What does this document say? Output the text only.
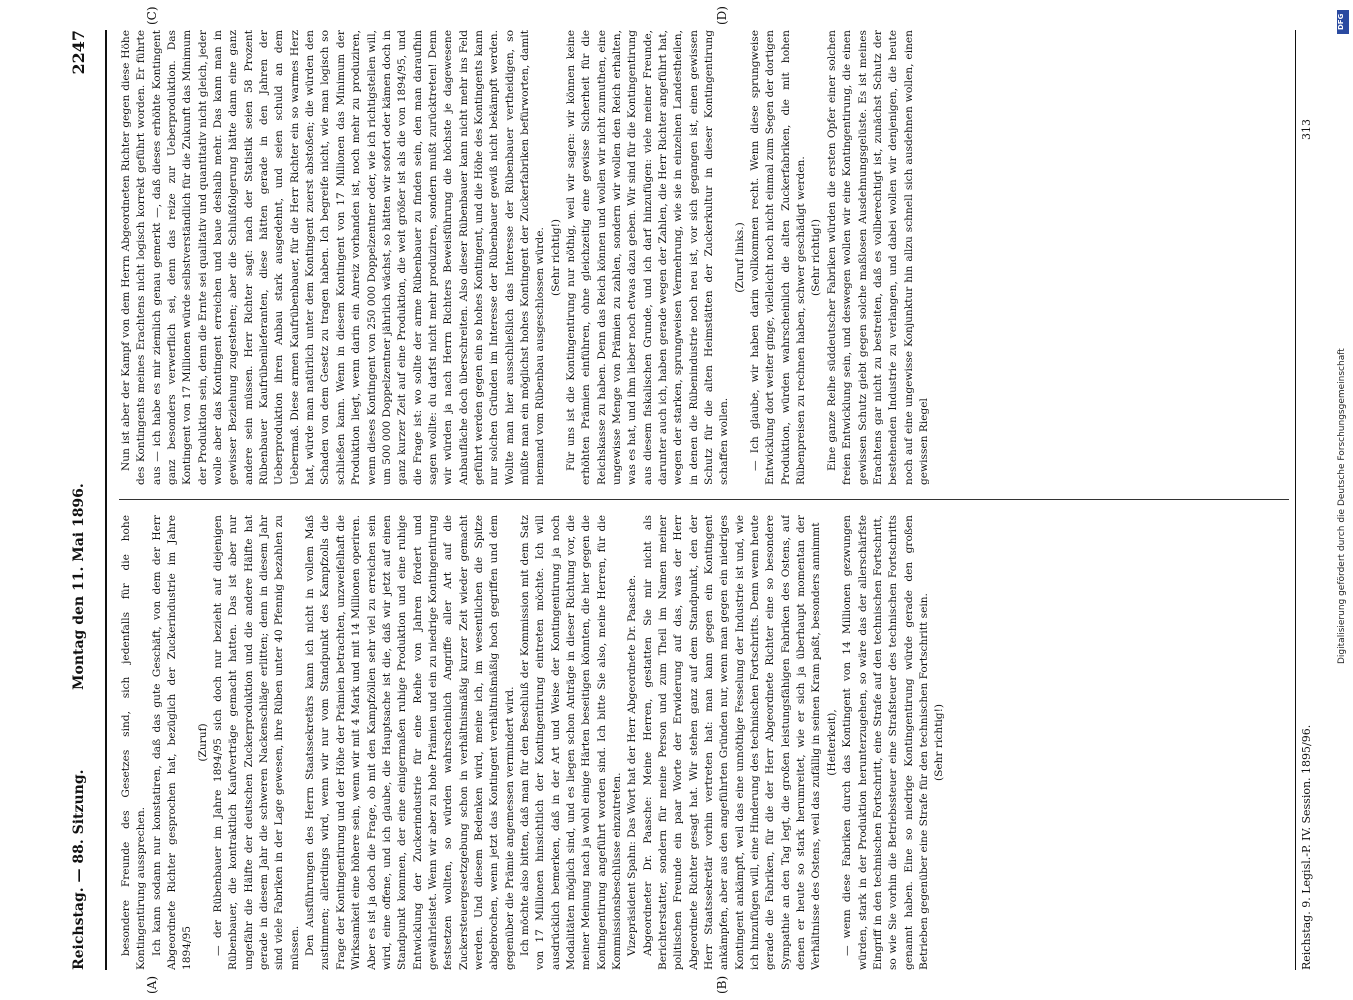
Reichstag. — 88. Sitzung.
Montag den 11. Mai 1896.
2247
(A)	(B)
(C)	(D)

besondere Freunde des Gesetzes sind, sich jedenfalls für die hohe Kontingentirung aussprechen. Ich kann sodann nur konstatiren, daß das gute Geschäft, von dem der Herr Abgeordnete Richter gesprochen hat, bezüglich der Zuckerindustrie im Jahre 1894/95

(Zuruf) — der Rübenbauer im Jahre 1894/95 sich doch nur bezieht auf diejenigen Rübenbauer, die kontraktlich Kaufverträge gemacht hatten. Das ist aber nur ungefähr die Hälfte der deutschen Zuckerproduktion und die andere Hälfte hat gerade in diesem Jahr die schweren Nackenschläge erlitten; denn in diesem Jahr sind viele Fabriken in der Lage gewesen, ihre Rüben unter 40 Pfennig bezahlen zu müssen. Den Ausführungen des Herrn Staatssekretärs kann ich nicht in vollem Maß zustimmen; allerdings wird, wenn wir nur vom Standpunkt des Kampfzolls die Frage der Kontingentirung und der Höhe der Prämien betrachten, unzweifelhaft die Wirksamkeit eine höhere sein, wenn wir mit 4 Mark und mit 14 Millionen operiren. Aber es ist ja doch die Frage, ob mit den Kampfzöllen sehr viel zu erreichen sein wird, eine offene, und ich glaube, die Hauptsache ist die, daß wir jetzt auf einen Standpunkt kommen, der eine einigermaßen ruhige Produktion und eine ruhige Entwicklung der Zuckerindustrie für eine Reihe von Jahren fördert und gewährleistet. Wenn wir aber zu hohe Prämien und ein zu niedrige Kontingentirung festsetzen wollten, so würden wahrscheinlich Angriffe aller Art auf die Zuckersteuergesetzgebung schon in verhältnismäßig kurzer Zeit wieder gemacht werden. Und diesem Bedenken wird, meine ich, im wesentlichen die Spitze abgebrochen, wenn jetzt das Kontingent verhältnißmäßig hoch gegriffen und dem gegenüber die Prämie angemessen vermindert wird. Ich möchte also bitten, daß man für den Beschluß der Kommission mit dem Satz von 17 Millionen hinsichtlich der Kontingentirung eintreten möchte. Ich will ausdrücklich bemerken, daß in der Art und Weise der Kontingentirung ja noch Modalitäten möglich sind, und es liegen schon Anträge in dieser Richtung vor, die meiner Meinung nach ja wohl einige Härten beseitigen könnten, die hier gegen die Kontingentirung angeführt worden sind. Ich bitte Sie also, meine Herren, für die Kommissionsbeschlüsse einzutreten. Vizepräsident Spahn: Das Wort hat der Herr Abgeordnete Dr. Paasche. Abgeordneter Dr. Paasche: Meine Herren, gestatten Sie mir nicht als Berichterstatter, sondern für meine Person und zum Theil im Namen meiner politischen Freunde ein paar Worte der Erwiderung auf das, was der Herr Abgeordnete Richter gesagt hat. Wir stehen ganz auf dem Standpunkt, den der Herr Staatssekretär vorhin vertreten hat: man kann gegen ein Kontingent ankämpfen, aber aus den angeführten Gründen nur, wenn man gegen ein niedriges Kontingent ankämpft, weil das eine unnöthige Fesselung der Industrie ist und, wie ich hinzufügen will, eine Hinderung des technischen Fortschritts. Denn wenn heute gerade die Fabriken, für die der Herr Abgeordnete Richter eine so besondere Sympathie an den Tag legt, die großen leistungsfähigen Fabriken des Ostens, auf denen er heute so stark herumreitet, wie er sich ja überhaupt momentan der Verhältnisse des Ostens, weil das zufällig in seinen Kram paßt, besonders annimmt (Heiterkeit), — wenn diese Fabriken durch das Kontingent von 14 Millionen gezwungen würden, stark in der Produktion herunterzugehen, so wäre das der allerschärfste Eingriff in den technischen Fortschritt, eine Strafe auf den technischen Fortschritt, so wie Sie vorhin die Betriebssteuer eine Strafsteuer des technischen Fortschritts genannt haben. Eine so niedrige Kontingentirung würde gerade den großen Betrieben gegenüber eine Strafe für den technischen Fortschritt sein. (Sehr richtig!)

Nun ist aber der Kampf von dem Herrn Abgeordneten Richter gegen diese Höhe des Kontingents meines Erachtens nicht logisch korrekt geführt worden. Er führte aus — ich habe es mir ziemlich genau gemerkt —, daß dieses erhöhte Kontingent ganz besonders verwerflich sei, denn das reize zur Ueberproduktion. Das Kontingent von 17 Millionen würde selbstverständlich für die Zukunft das Minimum der Produktion sein, denn die Ernte sei qualitativ und quantitativ nicht gleich, jeder wolle aber das Kontingent erreichen und baue deshalb mehr. Das kann man in gewisser Beziehung zugestehen; aber die Schlußfolgerung hätte dann eine ganz andere sein müssen. Herr Richter sagt: nach der Statistik seien 58 Prozent Rübenbauer Kaufrübenlieferanten, diese hätten gerade in den Jahren der Ueberproduktion ihren Anbau stark ausgedehnt, und seien schuld an dem Uebermaß. Diese armen Kaufrübenbauer, für die Herr Richter ein so warmes Herz hat, würde man natürlich unter dem Kontingent zuerst abstoßen; die würden den Schaden von dem Gesetz zu tragen haben. Ich begreife nicht, wie man logisch so schließen kann. Wenn in diesem Kontingent von 17 Millionen das Minimum der Produktion liegt, wenn darin ein Anreiz vorhanden ist, noch mehr zu produziren, wenn dieses Kontingent von 250 000 Doppelzentner oder, wie ich richtigstellen will, um 500 000 Doppelzentner jährlich wächst, so hätten wir sofort oder kämen doch in ganz kurzer Zeit auf eine Produktion, die weit größer ist als die von 1894/95, und die Frage ist: wo sollte der arme Rübenbauer zu finden sein, den man daraufhin sagen wollte: du darfst nicht mehr produziren, sondern mußt zurücktreten! Denn wir würden ja nach Herrn Richters Beweisführung die höchste je dagewesene Anbaufläche doch überschreiten. Also dieser Rübenbauer kann nicht mehr ins Feld geführt werden gegen ein so hohes Kontingent, und die Höhe des Kontingents kann nur solchen Gründen im Interesse der Rübenbauer gewiß nicht bekämpft werden. Wollte man hier ausschließlich das Interesse der Rübenbauer vertheidigen, so müßte man ein möglichst hohes Kontingent der Zuckerfabriken befürworten, damit niemand vom Rübenbau ausgeschlossen würde. (Sehr richtig!) Für uns ist die Kontingentirung nur nöthig, weil wir sagen: wir können keine erhöhten Prämien einführen, ohne gleichzeitig eine gewisse Sicherheit für die Reichskasse zu haben. Denn das Reich können und wollen wir nicht zumuthen, eine ungewisse Menge von Prämien zu zahlen, sondern wir wollen den Reich erhalten, was es hat, und ihm lieber noch etwas dazu geben. Wir sind für die Kontingentirung aus diesem fiskalischen Grunde, und ich darf hinzufügen: viele meiner Freunde, darunter auch ich, haben gerade wegen der Zahlen, die Herr Richter angeführt hat, wegen der starken, sprungweisen Vermehrung, wie sie in einzelnen Landestheilen, in denen die Rübenindustrie noch neu ist, vor sich gegangen ist, einen gewissen Schutz für die alten Heimstätten der Zuckerkultur in dieser Kontingentirung schaffen wollen.

(Zuruf links.) — Ich glaube, wir haben darin vollkommen recht. Wenn diese sprungweise Entwicklung dort weiter ginge, vielleicht noch nicht einmal zum Segen der dortigen Produktion, würden wahrscheinlich die alten Zuckerfabriken, die mit hohen Rübenpreisen zu rechnen haben, schwer geschädigt werden. (Sehr richtig!) Eine ganze Reihe süddeutscher Fabriken würden die ersten Opfer einer solchen freien Entwicklung sein, und deswegen wollen wir eine Kontingentirung, die einen gewissen Schutz giebt gegen solche maßlosen Ausdehnungsgelüste. Es ist meines Erachtens gar nicht zu bestreiten, daß es vollberechtigt ist, zunächst Schutz der bestehenden Industrie zu verlangen, und dabei wollen wir denjenigen, die heute noch auf eine ungewisse Konjunktur hin allzu schnell sich ausdehnen wollen, einen gewissen Riegel

Reichstag. 9. Legisl.-P. IV. Session. 1895/96.
313
Digitalisierung gefördert durch die Deutsche Forschungsgemeinschaft
DFG
